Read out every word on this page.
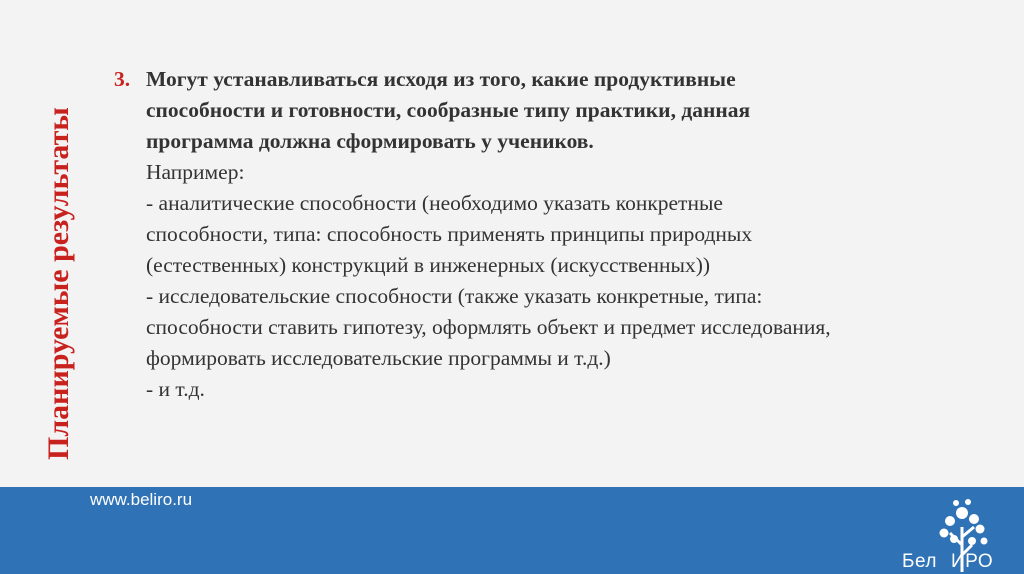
Планируемые результаты
3. Могут устанавливаться исходя из того, какие продуктивные
способности и готовности, сообразные типу практики, данная
программа должна сформировать у учеников.
Например:
- аналитические способности (необходимо указать конкретные
способности, типа: способность применять принципы природных
(естественных) конструкций в инженерных (искусственных))
- исследовательские способности (также указать конкретные, типа:
способности ставить гипотезу, оформлять объект и предмет исследования,
формировать исследовательские программы и т.д.)
- и т.д.
www.beliro.ru
Бел ИРО
